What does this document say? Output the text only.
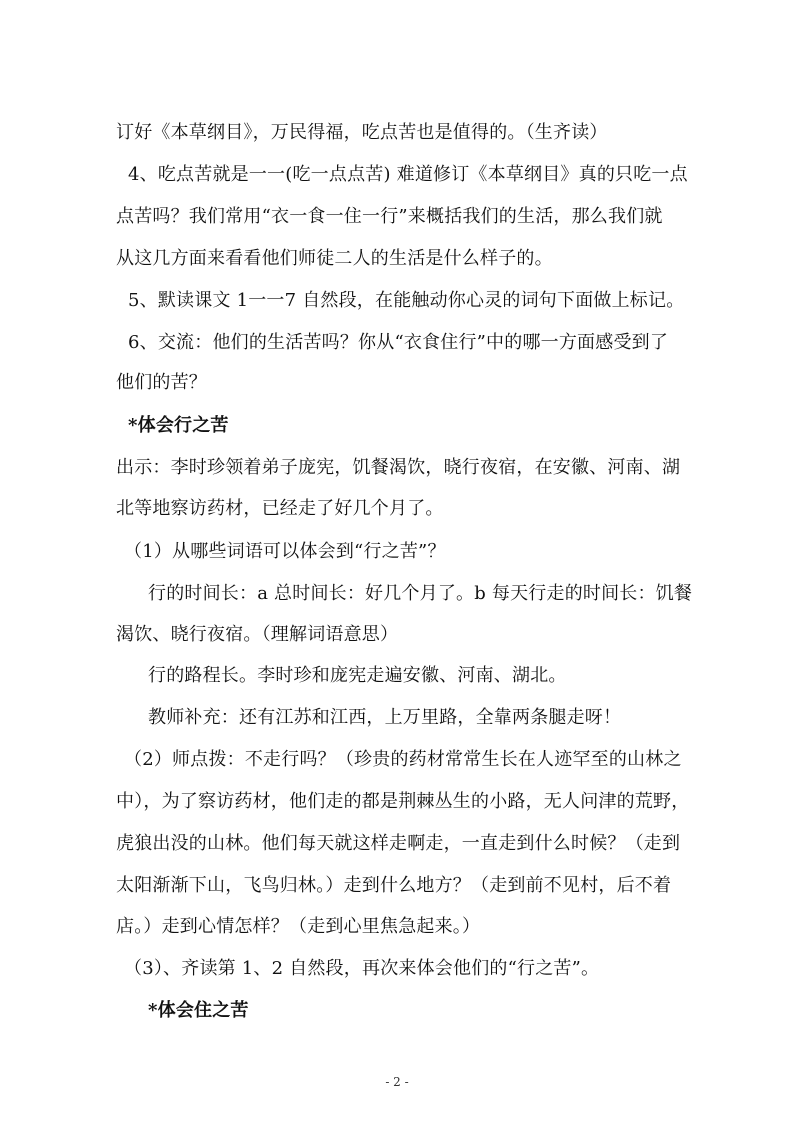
订好《本草纲目》，万民得福，吃点苦也是值得的。（生齐读）
4、吃点苦就是一一(吃一点点苦) 难道修订《本草纲目》真的只吃一点
点苦吗？我们常用“衣一食一住一行”来概括我们的生活，那么我们就
从这几方面来看看他们师徒二人的生活是什么样子的。
5、默读课文 1一一7 自然段，在能触动你心灵的词句下面做上标记。
6、交流：他们的生活苦吗？你从“衣食住行”中的哪一方面感受到了
他们的苦？
*体会行之苦
出示：李时珍领着弟子庞宪，饥餐渴饮，晓行夜宿，在安徽、河南、湖
北等地察访药材，已经走了好几个月了。
（1）从哪些词语可以体会到“行之苦”？
行的时间长：a 总时间长：好几个月了。b 每天行走的时间长：饥餐
渴饮、晓行夜宿。（理解词语意思）
行的路程长。李时珍和庞宪走遍安徽、河南、湖北。
教师补充：还有江苏和江西，上万里路，全靠两条腿走呀！
（2）师点拨：不走行吗？（珍贵的药材常常生长在人迹罕至的山林之
中），为了察访药材，他们走的都是荆棘丛生的小路，无人问津的荒野，
虎狼出没的山林。他们每天就这样走啊走，一直走到什么时候？（走到
太阳渐渐下山，飞鸟归林。）走到什么地方？（走到前不见村，后不着
店。）走到心情怎样？（走到心里焦急起来。）
（3）、齐读第 1、2 自然段，再次来体会他们的“行之苦”。
*体会住之苦
- 2 -
